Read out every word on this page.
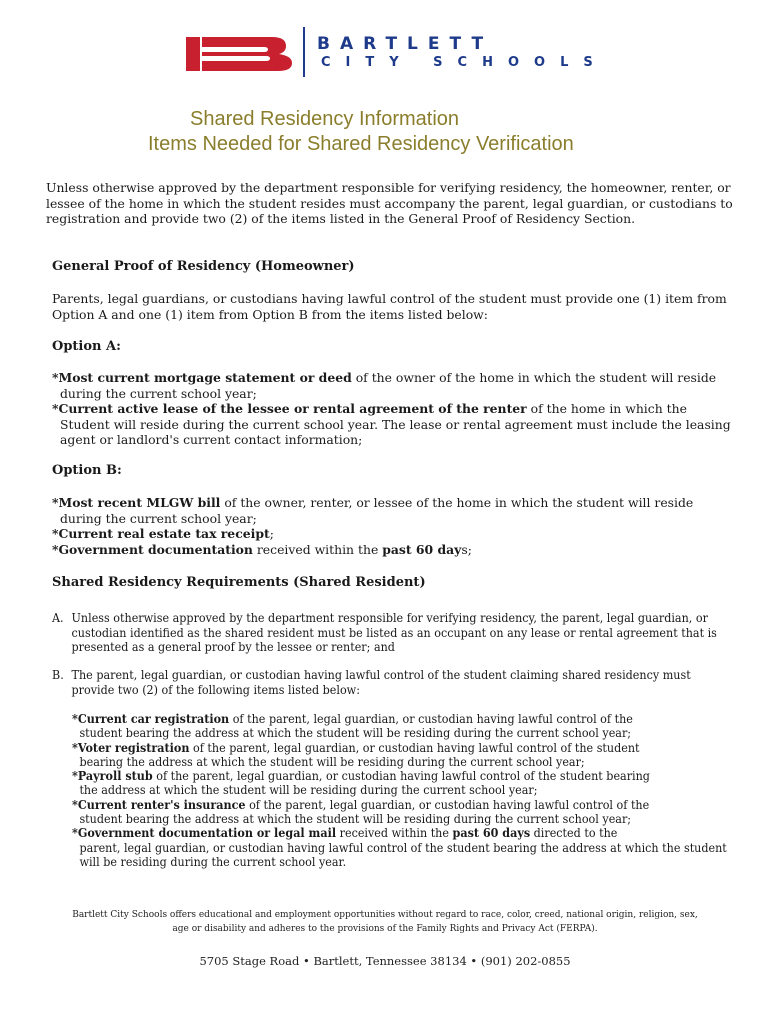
BARTLETT
CITY SCHOOLS
Shared Residency Information
Items Needed for Shared Residency Verification
Unless otherwise approved by the department responsible for verifying residency, the homeowner, renter, or lessee of the home in which the student resides must accompany the parent, legal guardian, or custodians to registration and provide two (2) of the items listed in the General Proof of Residency Section.
General Proof of Residency (Homeowner)
Parents, legal guardians, or custodians having lawful control of the student must provide one (1) item from Option A and one (1) item from Option B from the items listed below:
Option A:
*Most current mortgage statement or deed of the owner of the home in which the student will reside
during the current school year;
*Current active lease of the lessee or rental agreement of the renter of the home in which the
Student will reside during the current school year. The lease or rental agreement must include the leasing agent or landlord's current contact information;
Option B:
*Most recent MLGW bill of the owner, renter, or lessee of the home in which the student will reside
during the current school year;
*Current real estate tax receipt;
*Government documentation received within the past 60 days;
Shared Residency Requirements (Shared Resident)
A. Unless otherwise approved by the department responsible for verifying residency, the parent, legal guardian, or custodian identified as the shared resident must be listed as an occupant on any lease or rental agreement that is presented as a general proof by the lessee or renter; and
B. The parent, legal guardian, or custodian having lawful control of the student claiming shared residency must provide two (2) of the following items listed below:
*Current car registration of the parent, legal guardian, or custodian having lawful control of the
student bearing the address at which the student will be residing during the current school year;
*Voter registration of the parent, legal guardian, or custodian having lawful control of the student
bearing the address at which the student will be residing during the current school year;
*Payroll stub of the parent, legal guardian, or custodian having lawful control of the student bearing
the address at which the student will be residing during the current school year;
*Current renter's insurance of the parent, legal guardian, or custodian having lawful control of the
student bearing the address at which the student will be residing during the current school year;
*Government documentation or legal mail received within the past 60 days directed to the
parent, legal guardian, or custodian having lawful control of the student bearing the address at which the student will be residing during the current school year.
Bartlett City Schools offers educational and employment opportunities without regard to race, color, creed, national origin, religion, sex,
age or disability and adheres to the provisions of the Family Rights and Privacy Act (FERPA).
5705 Stage Road • Bartlett, Tennessee 38134 • (901) 202-0855
